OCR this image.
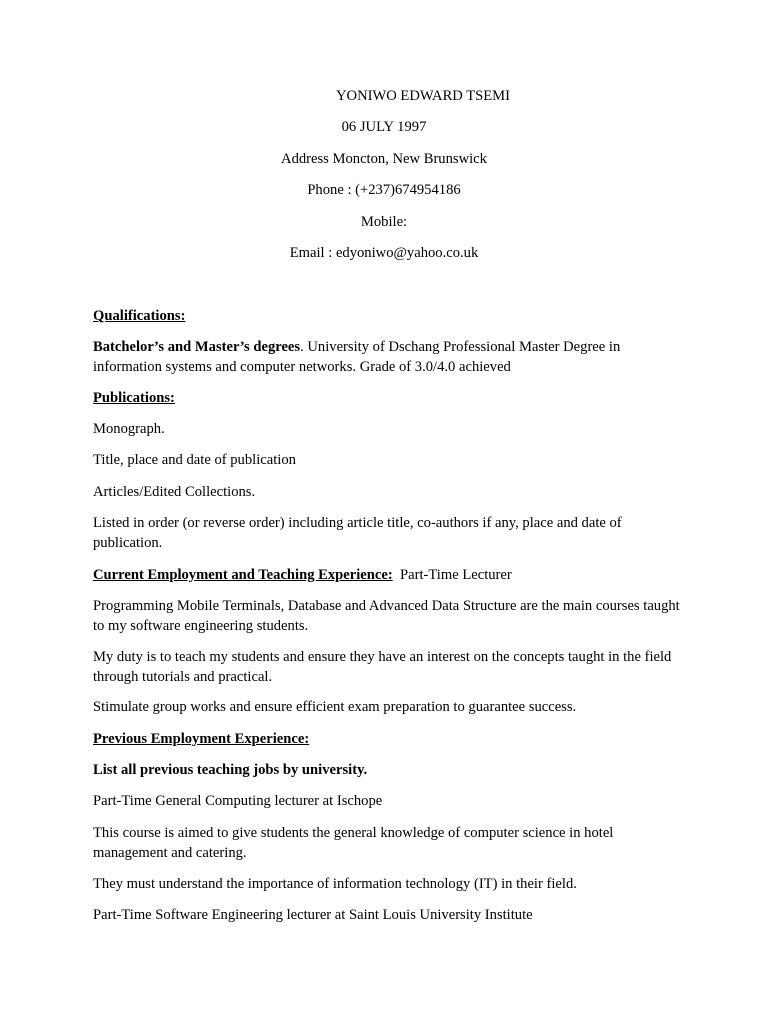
YONIWO EDWARD TSEMI
06 JULY 1997
Address Moncton, New Brunswick
Phone : (+237)674954186
Mobile:
Email : edyoniwo@yahoo.co.uk
Qualifications:
Batchelor’s and Master’s degrees. University of Dschang Professional Master Degree in information systems and computer networks. Grade of 3.0/4.0 achieved
Publications:
Monograph.
Title, place and date of publication
Articles/Edited Collections.
Listed in order (or reverse order) including article title, co-authors if any, place and date of publication.
Current Employment and Teaching Experience: Part-Time Lecturer
Programming Mobile Terminals, Database and Advanced Data Structure are the main courses taught to my software engineering students.
My duty is to teach my students and ensure they have an interest on the concepts taught in the field through tutorials and practical.
Stimulate group works and ensure efficient exam preparation to guarantee success.
Previous Employment Experience:
List all previous teaching jobs by university.
Part-Time General Computing lecturer at Ischope
This course is aimed to give students the general knowledge of computer science in hotel management and catering.
They must understand the importance of information technology (IT) in their field.
Part-Time Software Engineering lecturer at Saint Louis University Institute
